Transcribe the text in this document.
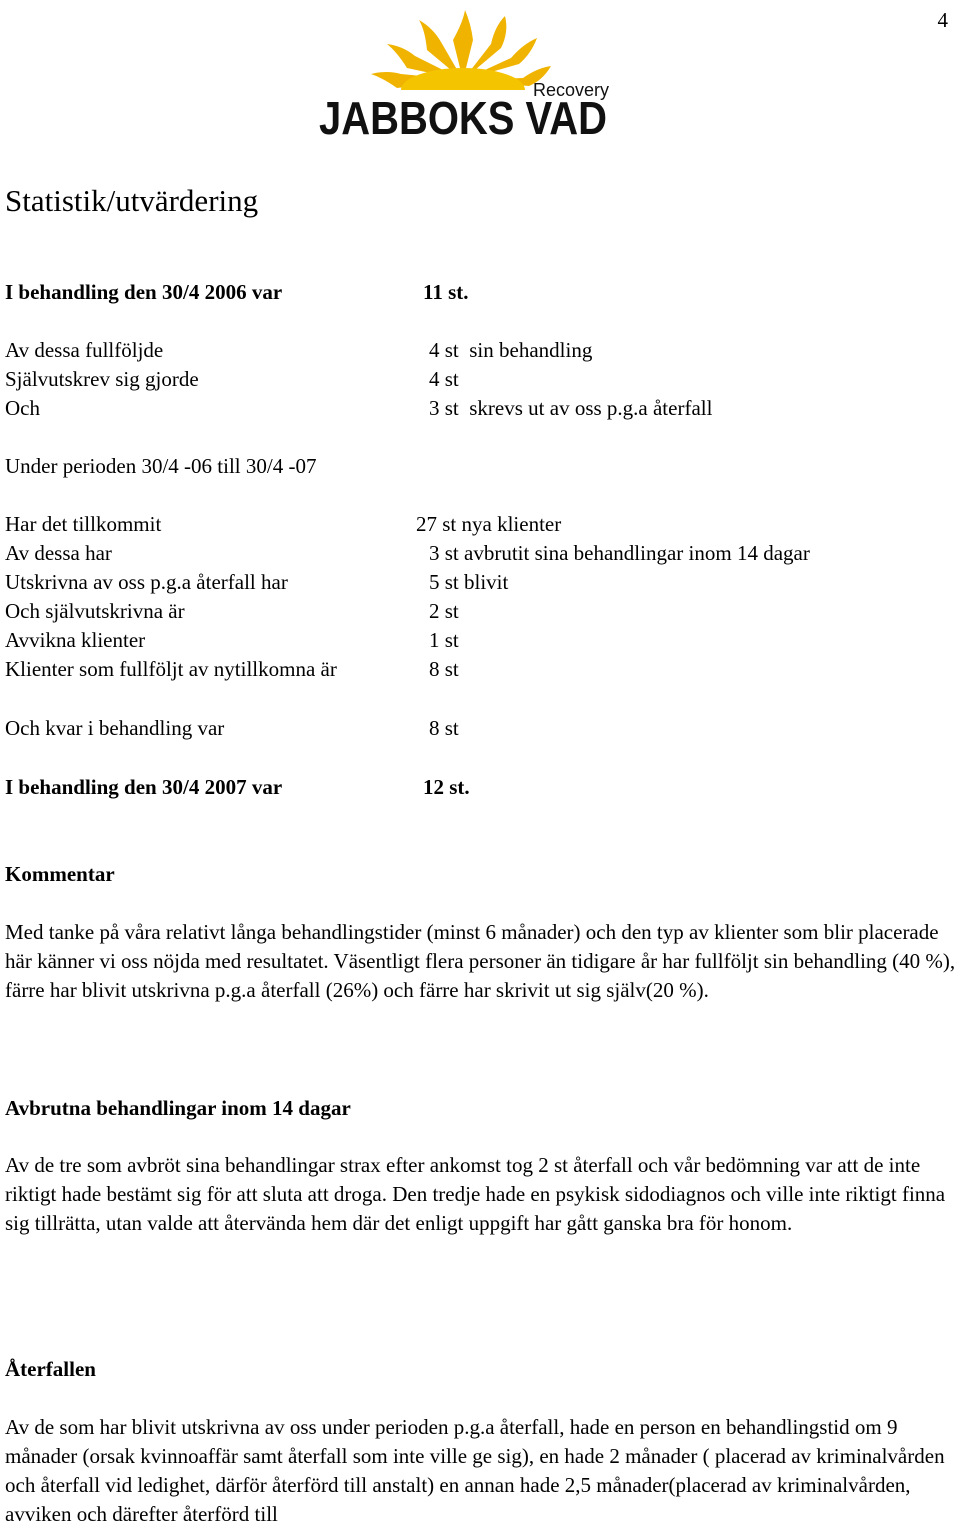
4
Recovery
JABBOKS VAD
Statistik/utvärdering
I behandling den 30/4 2006 var	11 st.
Av dessa fullföljde	4 st  sin behandling
Självutskrev sig gjorde	4 st
Och	3 st  skrevs ut av oss p.g.a återfall
Under perioden 30/4 -06 till 30/4 -07
Har det tillkommit	27 st nya klienter
Av dessa har	3 st avbrutit sina behandlingar inom 14 dagar
Utskrivna av oss p.g.a återfall har	5 st blivit
Och självutskrivna är	2 st
Avvikna klienter	1 st
Klienter som fullföljt av nytillkomna är	8 st
Och kvar i behandling var	8 st
I behandling den 30/4 2007 var	12 st.
Kommentar

Med tanke på våra relativt långa behandlingstider (minst 6 månader) och den typ av klienter som blir placerade här känner vi oss nöjda med resultatet. Väsentligt flera personer än tidigare år har fullföljt sin behandling (40 %), färre har blivit utskrivna p.g.a återfall (26%) och färre har skrivit ut sig själv(20 %).

Avbrutna behandlingar inom 14 dagar

Av de tre som avbröt sina behandlingar strax efter ankomst tog 2 st återfall och vår bedömning var att de inte riktigt hade bestämt sig för att sluta att droga. Den tredje hade en psykisk sidodiagnos och ville inte riktigt finna sig tillrätta, utan valde att återvända hem där det enligt uppgift har gått ganska bra för honom.

Återfallen

Av de som har blivit utskrivna av oss under perioden p.g.a återfall, hade en person en behandlingstid om 9 månader (orsak kvinnoaffär samt återfall som inte ville ge sig), en hade 2 månader ( placerad av kriminalvården och återfall vid ledighet, därför återförd till anstalt) en annan hade 2,5 månader(placerad av kriminalvården, avviken och därefter återförd till
